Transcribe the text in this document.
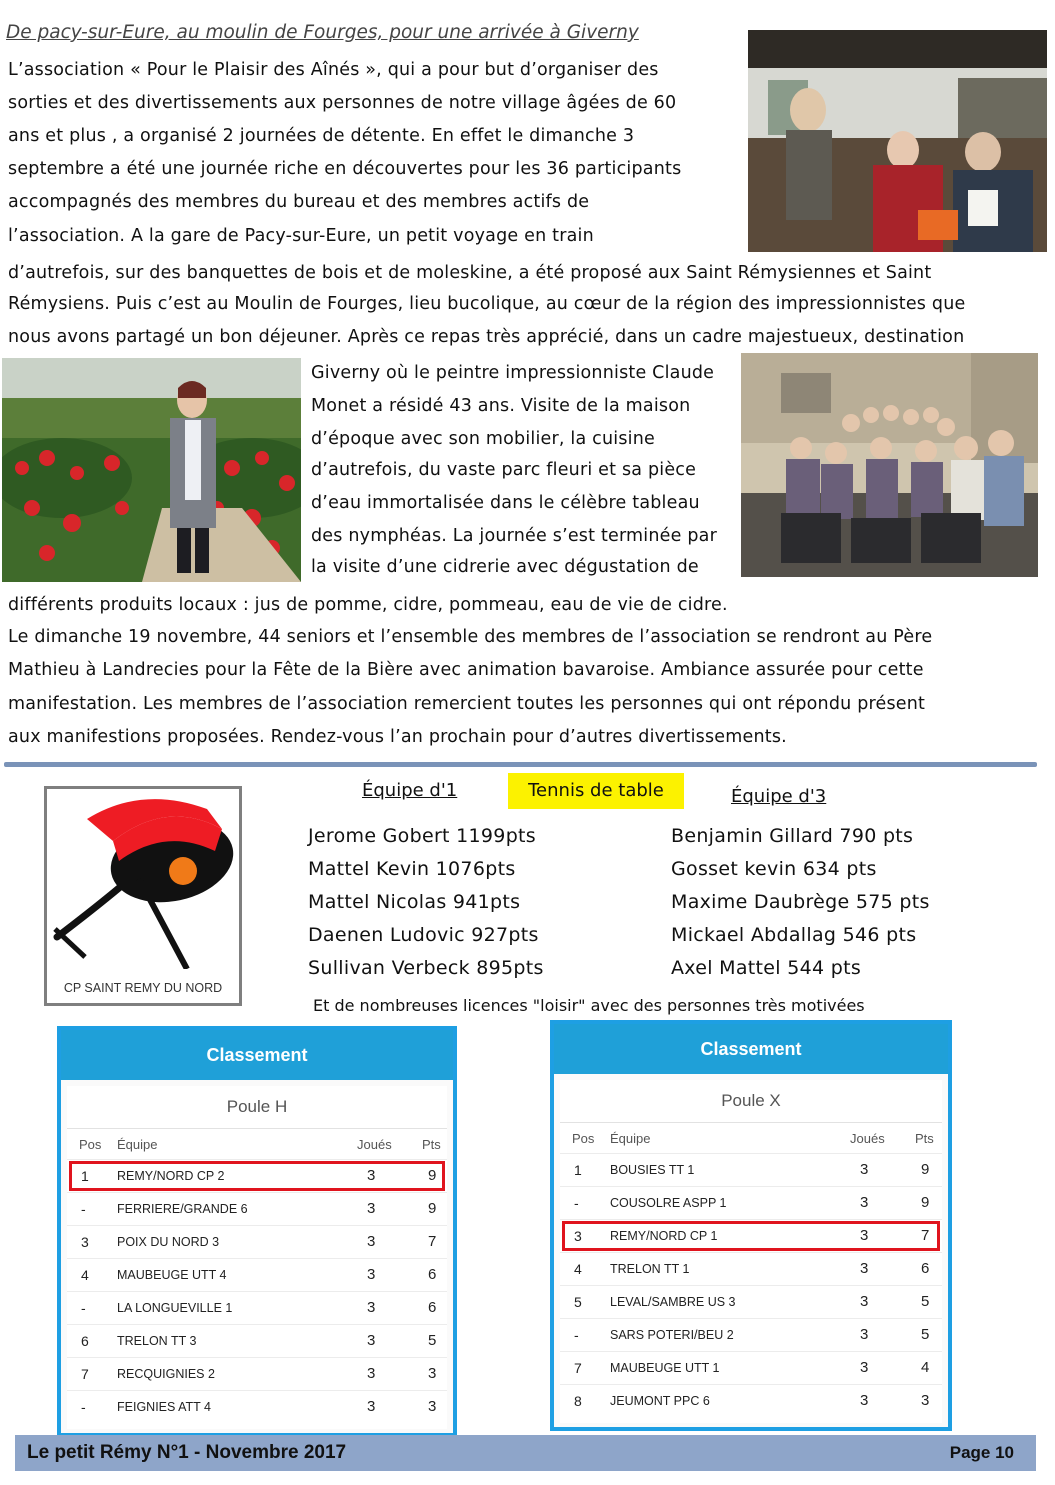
De pacy-sur-Eure, au moulin de Fourges, pour une arrivée à Giverny
L’association « Pour le Plaisir des Aînés », qui a pour but d’organiser des
sorties et des divertissements aux personnes de notre village âgées de 60
ans et plus , a organisé 2 journées de détente. En effet le dimanche 3
septembre a été une journée riche en découvertes pour les 36 participants
accompagnés des membres du bureau et des membres actifs de
l’association. A la gare de Pacy-sur-Eure, un petit voyage en train
d’autrefois, sur des banquettes de bois et de moleskine, a été proposé aux Saint Rémysiennes et Saint
Rémysiens. Puis c’est au Moulin de Fourges, lieu bucolique, au cœur de la région des impressionnistes que
nous avons partagé un bon déjeuner. Après ce repas très apprécié, dans un cadre majestueux, destination
Giverny où le peintre impressionniste Claude
Monet a résidé 43 ans. Visite de la maison
d’époque avec son mobilier, la cuisine
d’autrefois, du vaste parc fleuri et sa pièce
d’eau immortalisée dans le célèbre tableau
des nymphéas. La journée s’est terminée par
la visite d’une cidrerie avec dégustation de
différents produits locaux : jus de pomme, cidre, pommeau, eau de vie de cidre.
Le dimanche 19 novembre, 44 seniors et l’ensemble des membres de l’association se rendront au Père
Mathieu à Landrecies pour la Fête de la Bière avec animation bavaroise. Ambiance assurée pour cette
manifestation. Les membres de l’association remercient toutes les personnes qui ont répondu présent
aux manifestions proposées. Rendez-vous l’an prochain pour d’autres divertissements.
CP SAINT REMY DU NORD
Équipe d'1	Tennis de table	Équipe d'3
Jerome Gobert 1199pts
Mattel Kevin 1076pts
Mattel Nicolas 941pts
Daenen Ludovic 927pts
Sullivan Verbeck 895pts
Benjamin Gillard 790 pts
Gosset kevin 634 pts
Maxime Daubrège 575 pts
Mickael Abdallag 546 pts
Axel Mattel 544 pts
Et de nombreuses licences "loisir" avec des personnes très motivées
Classement
Poule H
Pos Équipe	Joués Pts
1 REMY/NORD CP 2	3	9
-	FERRIERE/GRANDE 6	3	9
3 POIX DU NORD 3	3	7
4 MAUBEUGE UTT 4	3	6
-	LA LONGUEVILLE 1	3	6
6 TRELON TT 3	3	5
7 RECQUIGNIES 2	3	3
-	FEIGNIES ATT 4	3	3
Classement
Poule X
Pos Équipe	Joués Pts
1 BOUSIES TT 1	3	9
-	COUSOLRE ASPP 1	3	9
3 REMY/NORD CP 1	3	7
4 TRELON TT 1	3	6
5 LEVAL/SAMBRE US 3	3	5
-	SARS POTERI/BEU 2	3	5
7 MAUBEUGE UTT 1	3	4
8 JEUMONT PPC 6	3	3
Le petit Rémy N°1 - Novembre 2017	Page 10
